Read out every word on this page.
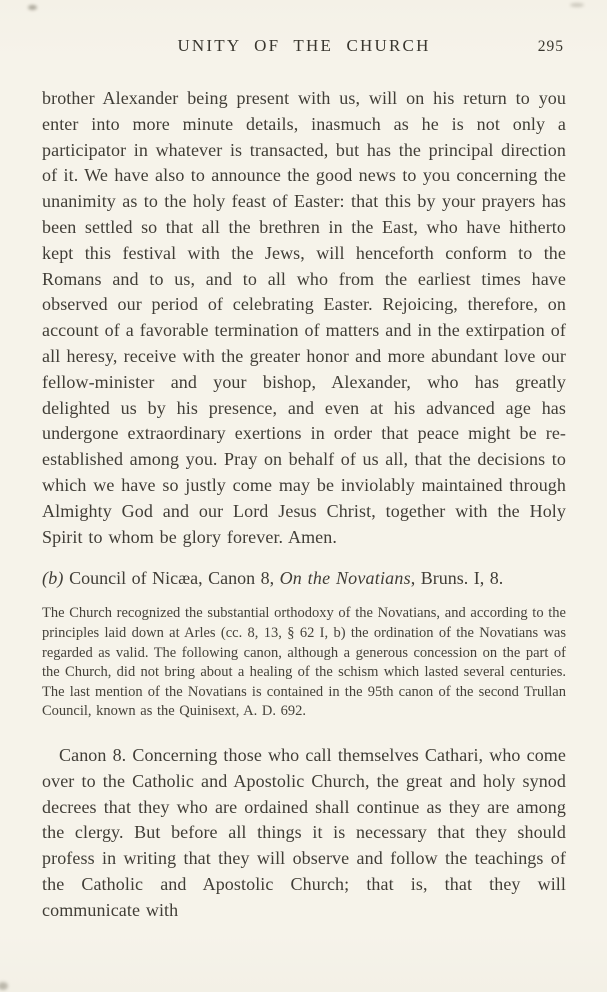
UNITY OF THE CHURCH	295

brother Alexander being present with us, will on his return to you enter into more minute details, inasmuch as he is not only a participator in whatever is transacted, but has the principal direction of it. We have also to announce the good news to you concerning the unanimity as to the holy feast of Easter: that this by your prayers has been settled so that all the brethren in the East, who have hitherto kept this festival with the Jews, will henceforth conform to the Romans and to us, and to all who from the earliest times have observed our period of celebrating Easter. Rejoicing, therefore, on account of a favorable termination of matters and in the extirpation of all heresy, receive with the greater honor and more abundant love our fellow-minister and your bishop, Alexander, who has greatly delighted us by his presence, and even at his advanced age has undergone extraordinary exertions in order that peace might be re-established among you. Pray on behalf of us all, that the decisions to which we have so justly come may be inviolably maintained through Almighty God and our Lord Jesus Christ, together with the Holy Spirit to whom be glory forever. Amen.

(b) Council of Nicæa, Canon 8, On the Novatians, Bruns. I, 8.

The Church recognized the substantial orthodoxy of the Novatians, and according to the principles laid down at Arles (cc. 8, 13, § 62 I, b) the ordination of the Novatians was regarded as valid. The following canon, although a generous concession on the part of the Church, did not bring about a healing of the schism which lasted several centuries. The last mention of the Novatians is contained in the 95th canon of the second Trullan Council, known as the Quinisext, A. D. 692.

Canon 8. Concerning those who call themselves Cathari, who come over to the Catholic and Apostolic Church, the great and holy synod decrees that they who are ordained shall continue as they are among the clergy. But before all things it is necessary that they should profess in writing that they will observe and follow the teachings of the Catholic and Apostolic Church; that is, that they will communicate with
